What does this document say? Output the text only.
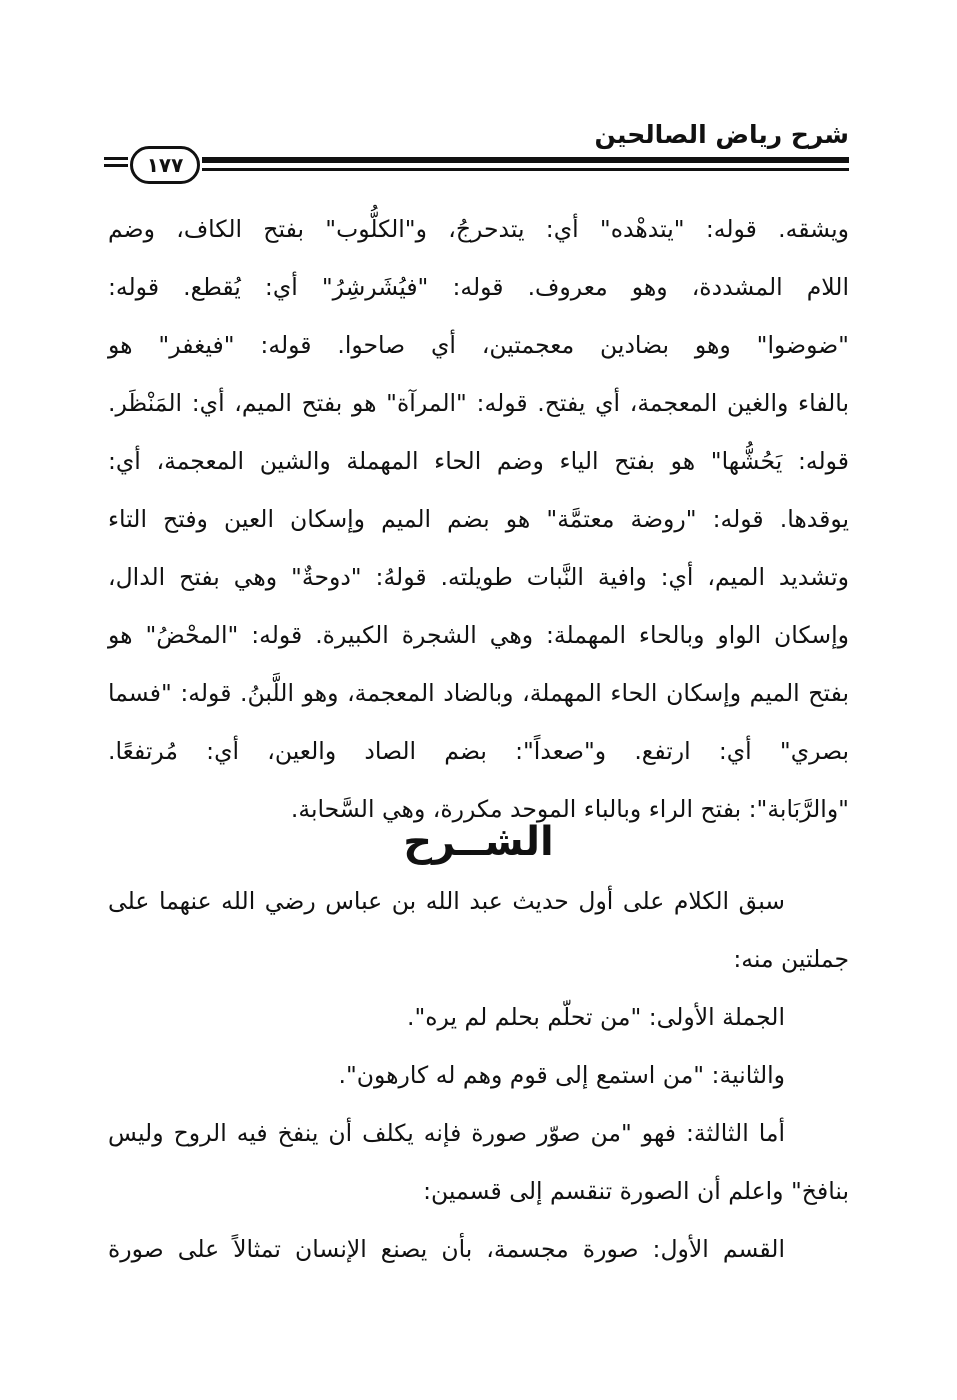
شرح رياض الصالحين
١٧٧
ويشقه. قوله: "يتدهْده" أي: يتدحرجُ، و"الكلُّوب" بفتح الكاف، وضم
اللام المشددة، وهو معروف. قوله: "فيُشَرشِرُ" أي: يُقطع. قوله:
"ضوضوا" وهو بضادين معجمتين، أي صاحوا. قوله: "فيغفر" هو
بالفاء والغين المعجمة، أي يفتح. قوله: "المرآة" هو بفتح الميم، أي: المَنْظَر.
قوله: يَحُشُّها" هو بفتح الياء وضم الحاء المهملة والشين المعجمة، أي:
يوقدها. قوله: "روضة معتمَّة" هو بضم الميم وإسكان العين وفتح التاء
وتشديد الميم، أي: وافية النَّبات طويلته. قولهُ: "دوحةٌ" وهي بفتح الدال،
وإسكان الواو وبالحاء المهملة: وهي الشجرة الكبيرة. قوله: "المحْضُ" هو
بفتح الميم وإسكان الحاء المهملة، وبالضاد المعجمة، وهو اللَّبنُ. قوله: "فسما
بصري" أي: ارتفع. و"صعداً": بضم الصاد والعين، أي: مُرتفعًا.
"والرَّبَابة": بفتح الراء وبالباء الموحد مكررة، وهي السَّحابة.
الشــرح
سبق الكلام على أول حديث عبد الله بن عباس رضي الله عنهما على
جملتين منه:
الجملة الأولى: "من تحلّم بحلم لم يره".
والثانية: "من استمع إلى قوم وهم له كارهون".
أما الثالثة: فهو "من صوّر صورة فإنه يكلف أن ينفخ فيه الروح وليس
بنافخ" واعلم أن الصورة تنقسم إلى قسمين:
القسم الأول: صورة مجسمة، بأن يصنع الإنسان تمثالاً على صورة
